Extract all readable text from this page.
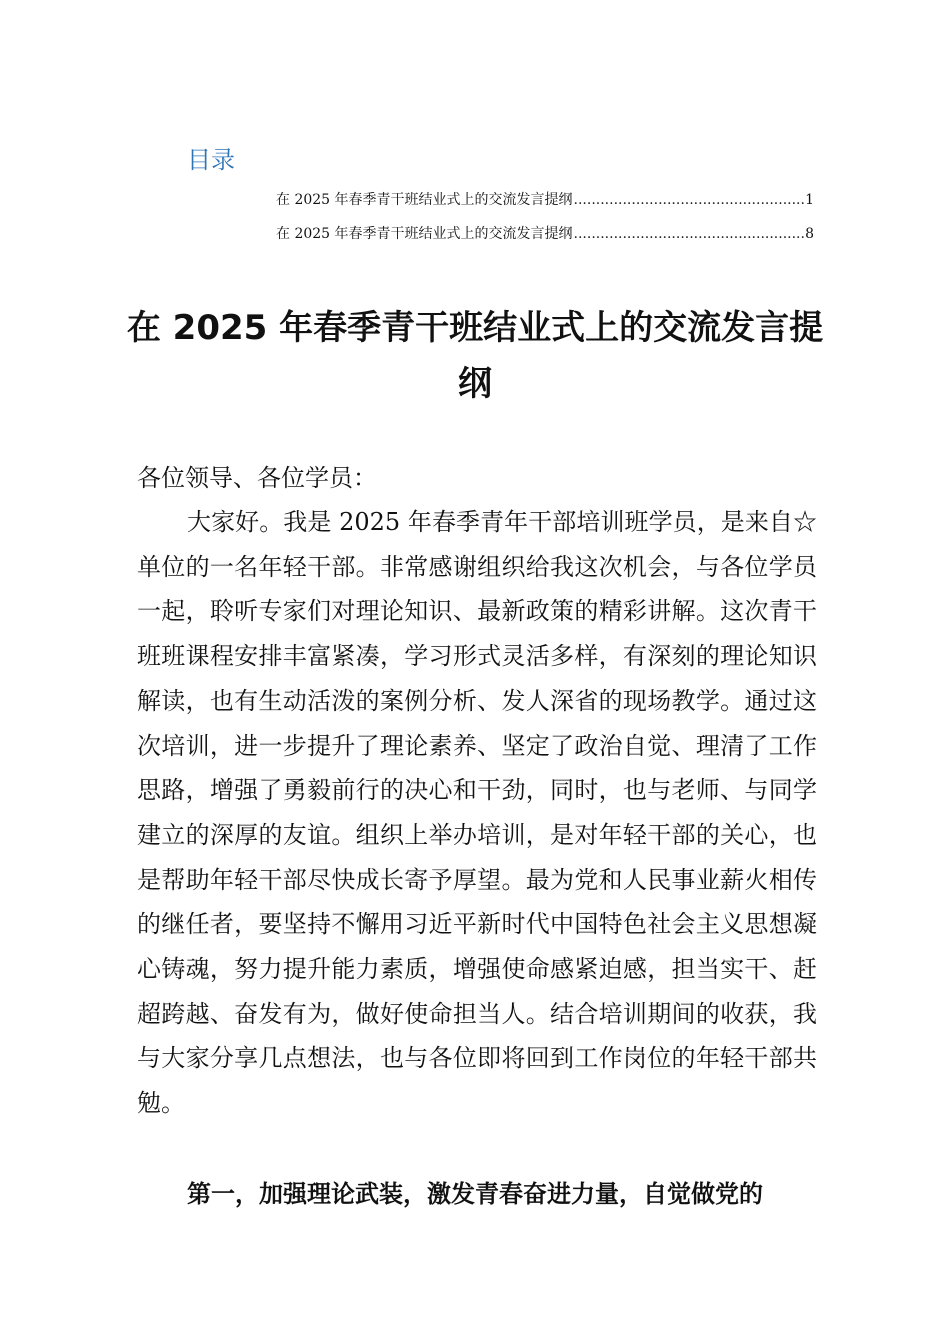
目录
在 2025 年春季青干班结业式上的交流发言提纲 .....	1
在 2025 年春季青干班结业式上的交流发言提纲 .....	8
在 2025 年春季青干班结业式上的交流发言提纲
各位领导、各位学员：

大家好。我是 2025 年春季青年干部培训班学员，是来自☆单位的一名年轻干部。非常感谢组织给我这次机会，与各位学员一起，聆听专家们对理论知识、最新政策的精彩讲解。这次青干班班课程安排丰富紧凑，学习形式灵活多样，有深刻的理论知识解读，也有生动活泼的案例分析、发人深省的现场教学。通过这次培训，进一步提升了理论素养、坚定了政治自觉、理清了工作思路，增强了勇毅前行的决心和干劲，同时，也与老师、与同学建立的深厚的友谊。组织上举办培训，是对年轻干部的关心，也是帮助年轻干部尽快成长寄予厚望。最为党和人民事业薪火相传的继任者，要坚持不懈用习近平新时代中国特色社会主义思想凝心铸魂，努力提升能力素质，增强使命感紧迫感，担当实干、赶超跨越、奋发有为，做好使命担当人。结合培训期间的收获，我与大家分享几点想法，也与各位即将回到工作岗位的年轻干部共勉。

第一，加强理论武装，激发青春奋进力量，自觉做党的
